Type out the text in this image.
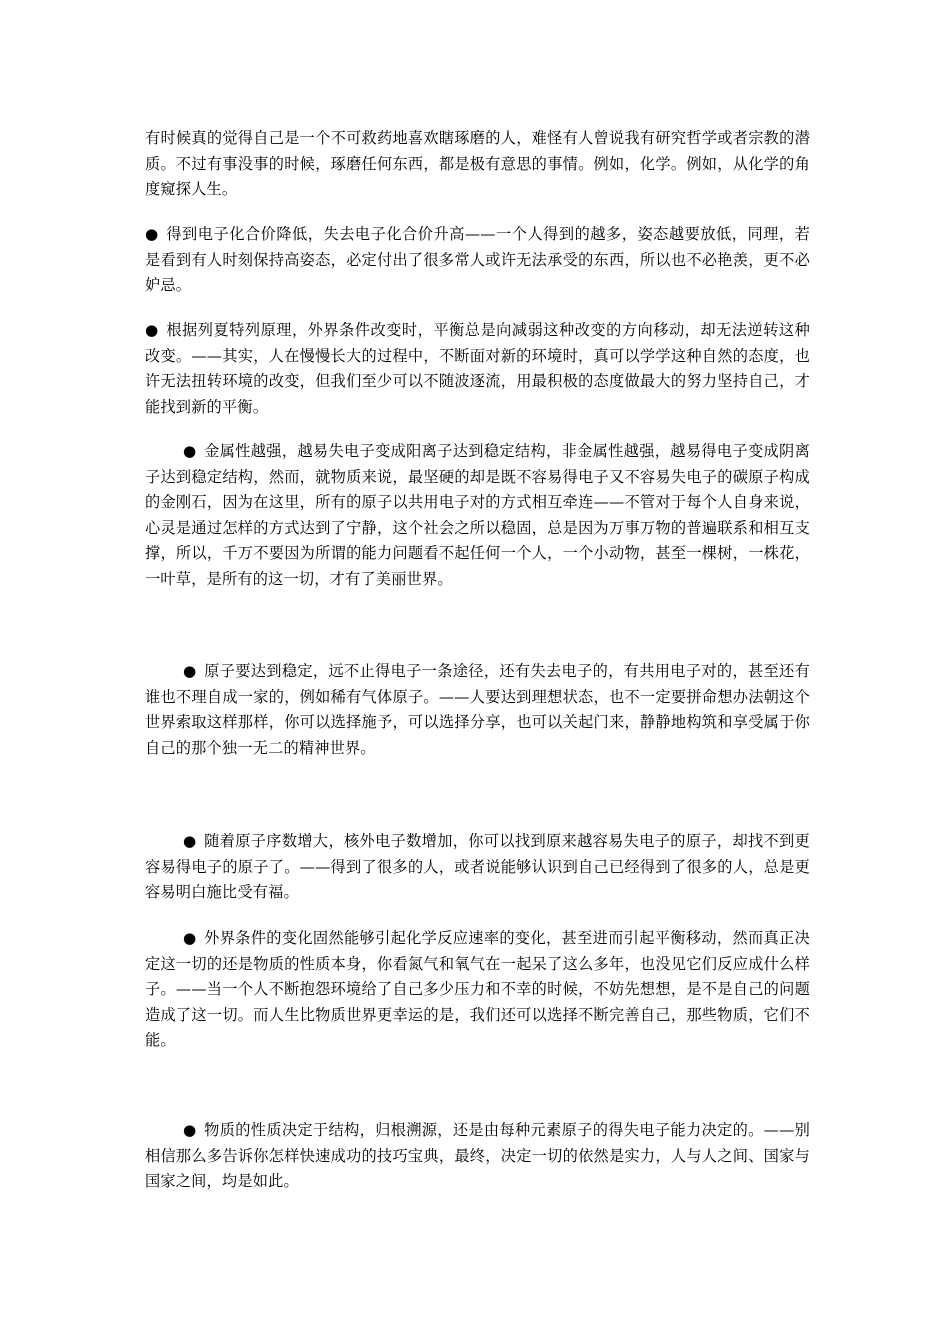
有时候真的觉得自己是一个不可救药地喜欢瞎琢磨的人，难怪有人曾说我有研究哲学或者宗教的潜质。不过有事没事的时候，琢磨任何东西，都是极有意思的事情。例如，化学。例如，从化学的角度窥探人生。

● 得到电子化合价降低，失去电子化合价升高——一个人得到的越多，姿态越要放低，同理，若是看到有人时刻保持高姿态，必定付出了很多常人或许无法承受的东西，所以也不必艳羡，更不必妒忌。

● 根据列夏特列原理，外界条件改变时，平衡总是向减弱这种改变的方向移动，却无法逆转这种改变。——其实，人在慢慢长大的过程中，不断面对新的环境时，真可以学学这种自然的态度，也许无法扭转环境的改变，但我们至少可以不随波逐流，用最积极的态度做最大的努力坚持自己，才能找到新的平衡。

● 金属性越强，越易失电子变成阳离子达到稳定结构，非金属性越强，越易得电子变成阴离子达到稳定结构，然而，就物质来说，最坚硬的却是既不容易得电子又不容易失电子的碳原子构成的金刚石，因为在这里，所有的原子以共用电子对的方式相互牵连——不管对于每个人自身来说，心灵是通过怎样的方式达到了宁静，这个社会之所以稳固，总是因为万事万物的普遍联系和相互支撑，所以，千万不要因为所谓的能力问题看不起任何一个人，一个小动物，甚至一棵树，一株花，一叶草，是所有的这一切，才有了美丽世界。

● 原子要达到稳定，远不止得电子一条途径，还有失去电子的，有共用电子对的，甚至还有谁也不理自成一家的，例如稀有气体原子。——人要达到理想状态，也不一定要拼命想办法朝这个世界索取这样那样，你可以选择施予，可以选择分享，也可以关起门来，静静地构筑和享受属于你自己的那个独一无二的精神世界。

● 随着原子序数增大，核外电子数增加，你可以找到原来越容易失电子的原子，却找不到更容易得电子的原子了。——得到了很多的人，或者说能够认识到自己已经得到了很多的人，总是更容易明白施比受有福。

● 外界条件的变化固然能够引起化学反应速率的变化，甚至进而引起平衡移动，然而真正决定这一切的还是物质的性质本身，你看氮气和氧气在一起呆了这么多年，也没见它们反应成什么样子。——当一个人不断抱怨环境给了自己多少压力和不幸的时候，不妨先想想，是不是自己的问题造成了这一切。而人生比物质世界更幸运的是，我们还可以选择不断完善自己，那些物质，它们不能。

● 物质的性质决定于结构，归根溯源，还是由每种元素原子的得失电子能力决定的。——别相信那么多告诉你怎样快速成功的技巧宝典，最终，决定一切的依然是实力，人与人之间、国家与国家之间，均是如此。
